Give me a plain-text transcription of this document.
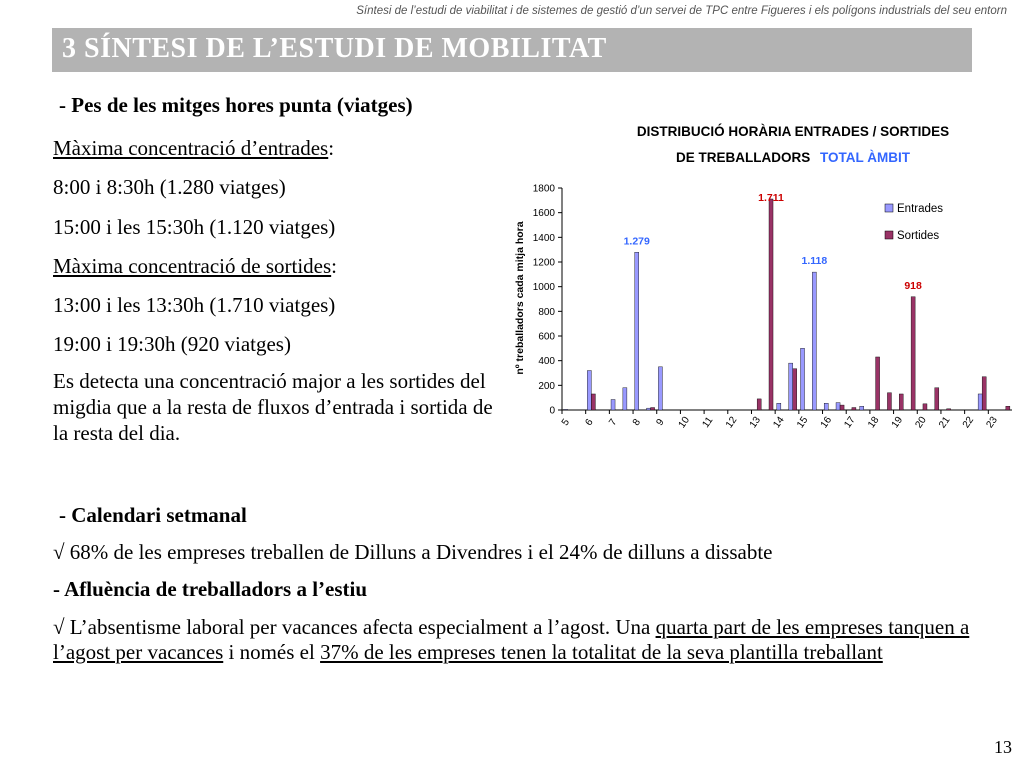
Síntesi de l’estudi de viabilitat i de sistemes de gestió d’un servei de TPC entre Figueres i els polígons industrials del seu entorn
3 SÍNTESI DE L’ESTUDI DE MOBILITAT
- Pes de les mitges hores punta (viatges)
Màxima concentració d’entrades:
8:00 i 8:30h (1.280 viatges)
15:00 i les 15:30h (1.120 viatges)
Màxima concentració de sortides:
13:00 i les 13:30h (1.710 viatges)
19:00 i 19:30h (920 viatges)
Es detecta una concentració major a les sortides del migdia que a la resta de fluxos d’entrada i sortida de la resta del dia.
DISTRIBUCIÓ HORÀRIA ENTRADES / SORTIDES
DE TREBALLADORS TOTAL ÀMBIT
nº treballadors cada mitja hora
0
200
400
600
800
1000
1200
1400
1600
1800
5 6 7 8 9 10 11 12 13 14 15 16 17 18 19 20 21 22 23
1.279
1.711
1.118
918
Entrades
Sortides
- Calendari setmanal
√ 68% de les empreses treballen de Dilluns a Divendres i el 24% de dilluns a dissabte
- Afluència de treballadors a l’estiu
√ L’absentisme laboral per vacances afecta especialment a l’agost. Una quarta part de les empreses tanquen a l’agost per vacances i només el 37% de les empreses tenen la totalitat de la seva plantilla treballant
13
